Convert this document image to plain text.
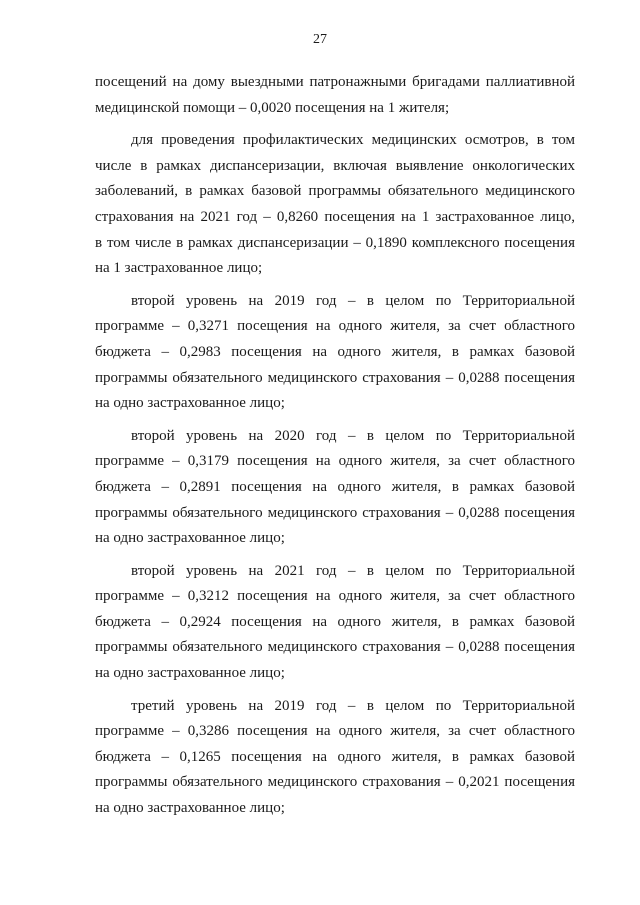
27

посещений на дому выездными патронажными бригадами паллиативной
медицинской помощи – 0,0020 посещения на 1 жителя;

для проведения профилактических медицинских осмотров, в том
числе в рамках диспансеризации, включая выявление онкологических
заболеваний, в рамках базовой программы обязательного медицинского
страхования на 2021 год – 0,8260 посещения на 1 застрахованное лицо,
в том числе в рамках диспансеризации – 0,1890 комплексного посещения
на 1 застрахованное лицо;

второй уровень на 2019 год – в целом по Территориальной
программе – 0,3271 посещения на одного жителя, за счет областного
бюджета – 0,2983 посещения на одного жителя, в рамках базовой
программы обязательного медицинского страхования – 0,0288 посещения
на одно застрахованное лицо;

второй уровень на 2020 год – в целом по Территориальной
программе – 0,3179 посещения на одного жителя, за счет областного
бюджета – 0,2891 посещения на одного жителя, в рамках базовой
программы обязательного медицинского страхования – 0,0288 посещения
на одно застрахованное лицо;

второй уровень на 2021 год – в целом по Территориальной
программе – 0,3212 посещения на одного жителя, за счет областного
бюджета – 0,2924 посещения на одного жителя, в рамках базовой
программы обязательного медицинского страхования – 0,0288 посещения
на одно застрахованное лицо;

третий уровень на 2019 год – в целом по Территориальной
программе – 0,3286 посещения на одного жителя, за счет областного
бюджета – 0,1265 посещения на одного жителя, в рамках базовой
программы обязательного медицинского страхования – 0,2021 посещения
на одно застрахованное лицо;
